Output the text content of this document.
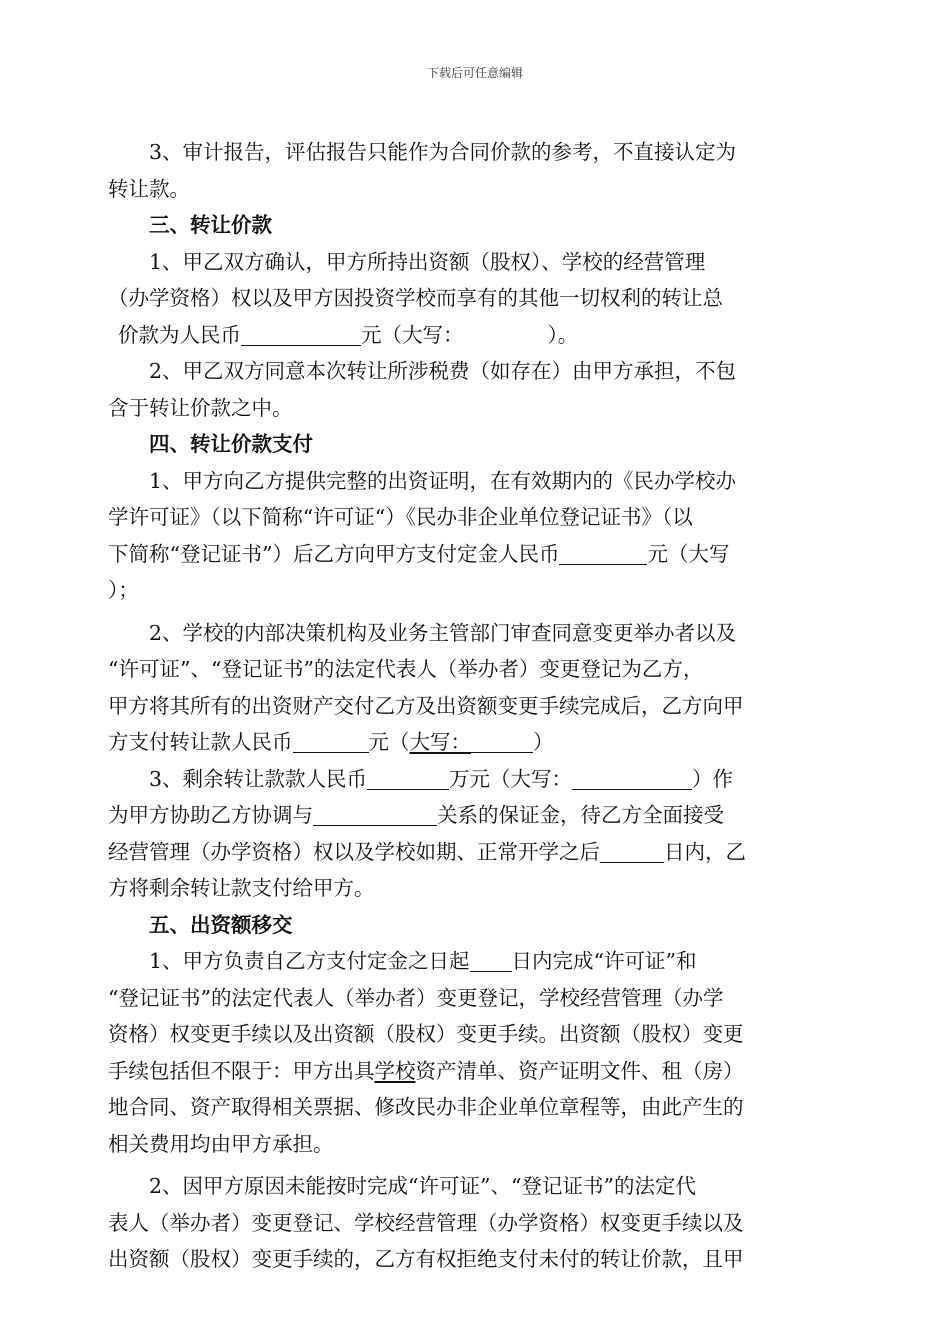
下载后可任意编辑
3、审计报告，评估报告只能作为合同价款的参考，不直接认定为
转让款。
三、转让价款
1、甲乙双方确认，甲方所持出资额（股权）、学校的经营管理
（办学资格）权以及甲方因投资学校而享有的其他一切权利的转让总
价款为人民币	元（大写：	）。
2、甲乙双方同意本次转让所涉税费（如存在）由甲方承担，不包
含于转让价款之中。
四、转让价款支付
1、甲方向乙方提供完整的出资证明，在有效期内的《民办学校办
学许可证》（以下简称“许可证“）《民办非企业单位登记证书》（以
下简称“登记证书”）后乙方向甲方支付定金人民币	元（大写
）；
2、学校的内部决策机构及业务主管部门审查同意变更举办者以及
“许可证”、“登记证书”的法定代表人（举办者）变更登记为乙方，
甲方将其所有的出资财产交付乙方及出资额变更手续完成后，乙方向甲
方支付转让款人民币	元（大写：	）
3、剩余转让款款人民币	万元（大写：	）作
为甲方协助乙方协调与	关系的保证金，待乙方全面接受
经营管理（办学资格）权以及学校如期、正常开学之后	日内，乙
方将剩余转让款支付给甲方。
五、出资额移交
1、甲方负责自乙方支付定金之日起 日内完成“许可证”和
“登记证书”的法定代表人（举办者）变更登记，学校经营管理（办学
资格）权变更手续以及出资额（股权）变更手续。出资额（股权）变更
手续包括但不限于：甲方出具学校资产清单、资产证明文件、租（房）
地合同、资产取得相关票据、修改民办非企业单位章程等，由此产生的
相关费用均由甲方承担。
2、因甲方原因未能按时完成“许可证”、“登记证书”的法定代
表人（举办者）变更登记、学校经营管理（办学资格）权变更手续以及
出资额（股权）变更手续的，乙方有权拒绝支付未付的转让价款，且甲
